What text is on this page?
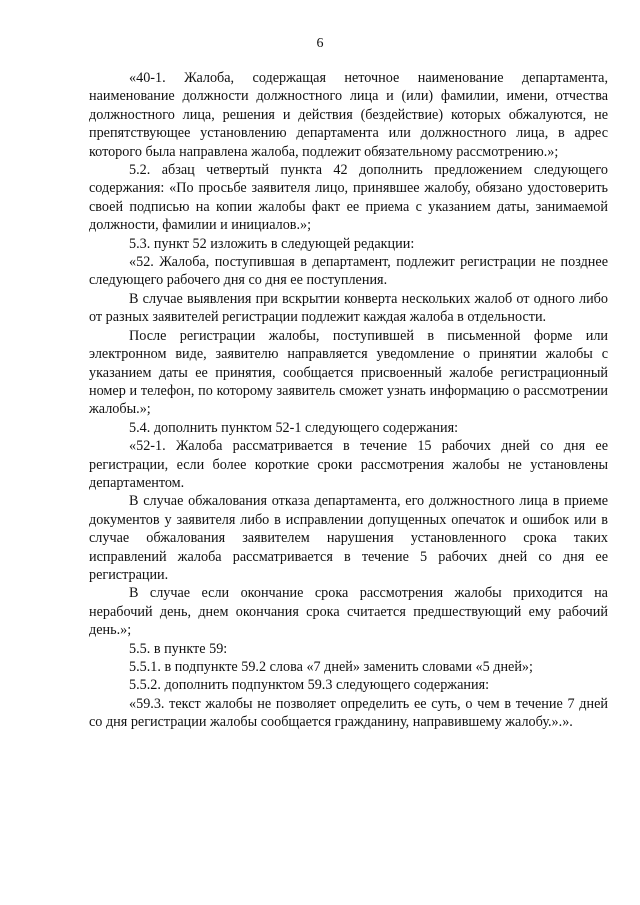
6

«40-1. Жалоба, содержащая неточное наименование департамента, наименование должности должностного лица и (или) фамилии, имени, отчества должностного лица, решения и действия (бездействие) которых обжалуются, не препятствующее установлению департамента или должностного лица, в адрес которого была направлена жалоба, подлежит обязательному рассмотрению.»;

5.2. абзац четвертый пункта 42 дополнить предложением следующего содержания: «По просьбе заявителя лицо, принявшее жалобу, обязано удостоверить своей подписью на копии жалобы факт ее приема с указанием даты, занимаемой должности, фамилии и инициалов.»;

5.3. пункт 52 изложить в следующей редакции:

«52. Жалоба, поступившая в департамент, подлежит регистрации не позднее следующего рабочего дня со дня ее поступления.

В случае выявления при вскрытии конверта нескольких жалоб от одного либо от разных заявителей регистрации подлежит каждая жалоба в отдельности.

После регистрации жалобы, поступившей в письменной форме или электронном виде, заявителю направляется уведомление о принятии жалобы с указанием даты ее принятия, сообщается присвоенный жалобе регистрационный номер и телефон, по которому заявитель сможет узнать информацию о рассмотрении жалобы.»;

5.4. дополнить пунктом 52-1 следующего содержания:

«52-1. Жалоба рассматривается в течение 15 рабочих дней со дня ее регистрации, если более короткие сроки рассмотрения жалобы не установлены департаментом.

В случае обжалования отказа департамента, его должностного лица в приеме документов у заявителя либо в исправлении допущенных опечаток и ошибок или в случае обжалования заявителем нарушения установленного срока таких исправлений жалоба рассматривается в течение 5 рабочих дней со дня ее регистрации.

В случае если окончание срока рассмотрения жалобы приходится на нерабочий день, днем окончания срока считается предшествующий ему рабочий день.»;

5.5. в пункте 59:

5.5.1. в подпункте 59.2 слова «7 дней» заменить словами «5 дней»;

5.5.2. дополнить подпунктом 59.3 следующего содержания:

«59.3. текст жалобы не позволяет определить ее суть, о чем в течение 7 дней со дня регистрации жалобы сообщается гражданину, направившему жалобу.».».
